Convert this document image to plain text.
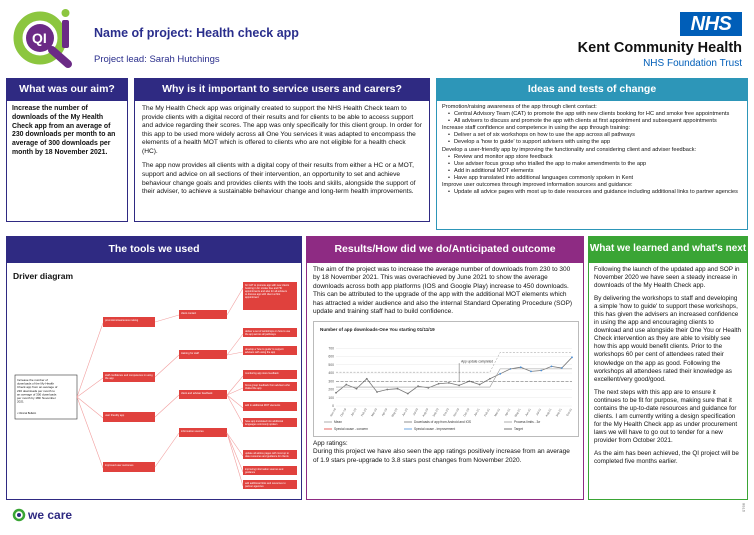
QI	Name of project: Health check app
Project lead: Sarah Hutchings
NHS
Kent Community Health
NHS Foundation Trust
What was our aim?
Increase the number of downloads of the My Health Check app from an average of 230 downloads per month to an average of 300 downloads per month by 18 November 2021.
Why is it important to service users and carers?

The My Health Check app was originally created to support the NHS Health Check team to provide clients with a digital record of their results and for clients to be able to access support and advice regarding their scores. The app was only specifically for this client group. In order for this app to be used more widely across all One You services it was adapted to encompass the elements of a health MOT which is offered to clients who are not eligible for a health check (HC).

The app now provides all clients with a digital copy of their results from either a HC or a MOT, support and advice on all sections of their intervention, an opportunity to set and achieve behaviour change goals and provides clients with the tools and skills, alongside the support of their adviser, to achieve a sustainable behaviour change and long-term health improvements.

Ideas and tests of change
Promotion/raising awareness of the app through client contact:
• Central Advisory Team (CAT) to promote the app with new clients booking for HC and smoke free appointments
• All advisers to discuss and promote the app with clients at first appointment and subsequent appointments
Increase staff confidence and competence in using the app through training:
• Deliver a set of six workshops on how to use the app across all pathways
• Develop a 'how to guide' to support advisers with using the app
Develop a user-friendly app by improving the functionality and considering client and adviser feedback:
• Review and monitor app store feedback
• Use adviser focus group who trialled the app to make amendments to the app
• Add in additional MOT elements
• Have app translated into additional languages commonly spoken in Kent
Improve user outcomes through improved information sources and guidance:
• Update all advice pages with most up to date resources and guidance including additional links to partner agencies
The tools we used
Driver diagram
Increase the number of downloads of the My Health Check app from an average of 230 downloads per month to an average of 300 downloads per month by 18th November 2021
• Clinical Bulletin
promotion/awareness raising
staff confidence and competence in using the app
user friendly app
improved user outcomes
client contact
training for staff
client and adviser feedback
information sources
for CAT to promote app with new clients booking in for smoke free and HC appointments and also for all advisers to discuss app with client at first appointment
deliver a set of workshops on how to use the app across all pathways
develop a 'how to guide' to support advisers with using the app
monitoring app store feedback
focus group feedback from advisers who trialled the app
add in additional MOT elements
have app translated into additional languages commonly spoken
update all advice pages with most up to date resources and guidance for clients
improving information sources and guidance
add additional links and resources to partner agencies
Results/How did we do/Anticipated outcome

The aim of the project was to increase the average number of downloads from 230 to 300 by 18 November 2021. This was overachieved by June 2021 to show the average downloads across both app platforms (IOS and Google Play) increase to 450 downloads. This can be attributed to the upgrade of the app with the additional MOT elements which has attracted a wider audience and also the internal Standard Operating Procedure (SOP) update and training staff had to build confidence.

Number of app downloads-One You starting 01/11/19
0
100
200
300
400
500
600
700
Nov-19 Dec-19 Jan-20 Feb-20 Mar-20 Apr-20 May-20 Jun-20 Jul-20 Aug-20 Sep-20 Oct-20 Nov-20 Dec-20 Jan-21 Feb-21 Mar-21 Apr-21 May-21 Jun-21 Jul-21 Aug-21 Sep-21 Oct-21
App update completed
Mean	Downloads of app from Android and IOS	Process limits - 3σ
Special cause - concern	Special cause - improvement	Target

App ratings:

During this project we have also seen the app ratings positively increase from an average of 1.9 stars pre-upgrade to 3.8 stars post changes from November 2020.

What we learned and what's next

Following the launch of the updated app and SOP in November 2020 we have seen a steady increase in downloads of the My Health Check app.

By delivering the workshops to staff and developing a simple 'how to guide' to support these workshops, this has given the advisers an increased confidence in using the app and encouraging clients to download and use alongside their One You or Health Check intervention as they are able to visibly see how this app would benefit clients. Prior to the workshops 60 per cent of attendees rated their knowledge on the app as good. Following the workshops all attendees rated their knowledge as excellent/very good/good.

The next steps with this app are to ensure it continues to be fit for purpose, making sure that it contains the up-to-date resources and guidance for clients. I am currently writing a design specification for the My Health Check app as under procurement laws we will have to go out to tender for a new provider from October 2021.

As the aim has been achieved, the QI project will be completed five months earlier.

we care
0766
